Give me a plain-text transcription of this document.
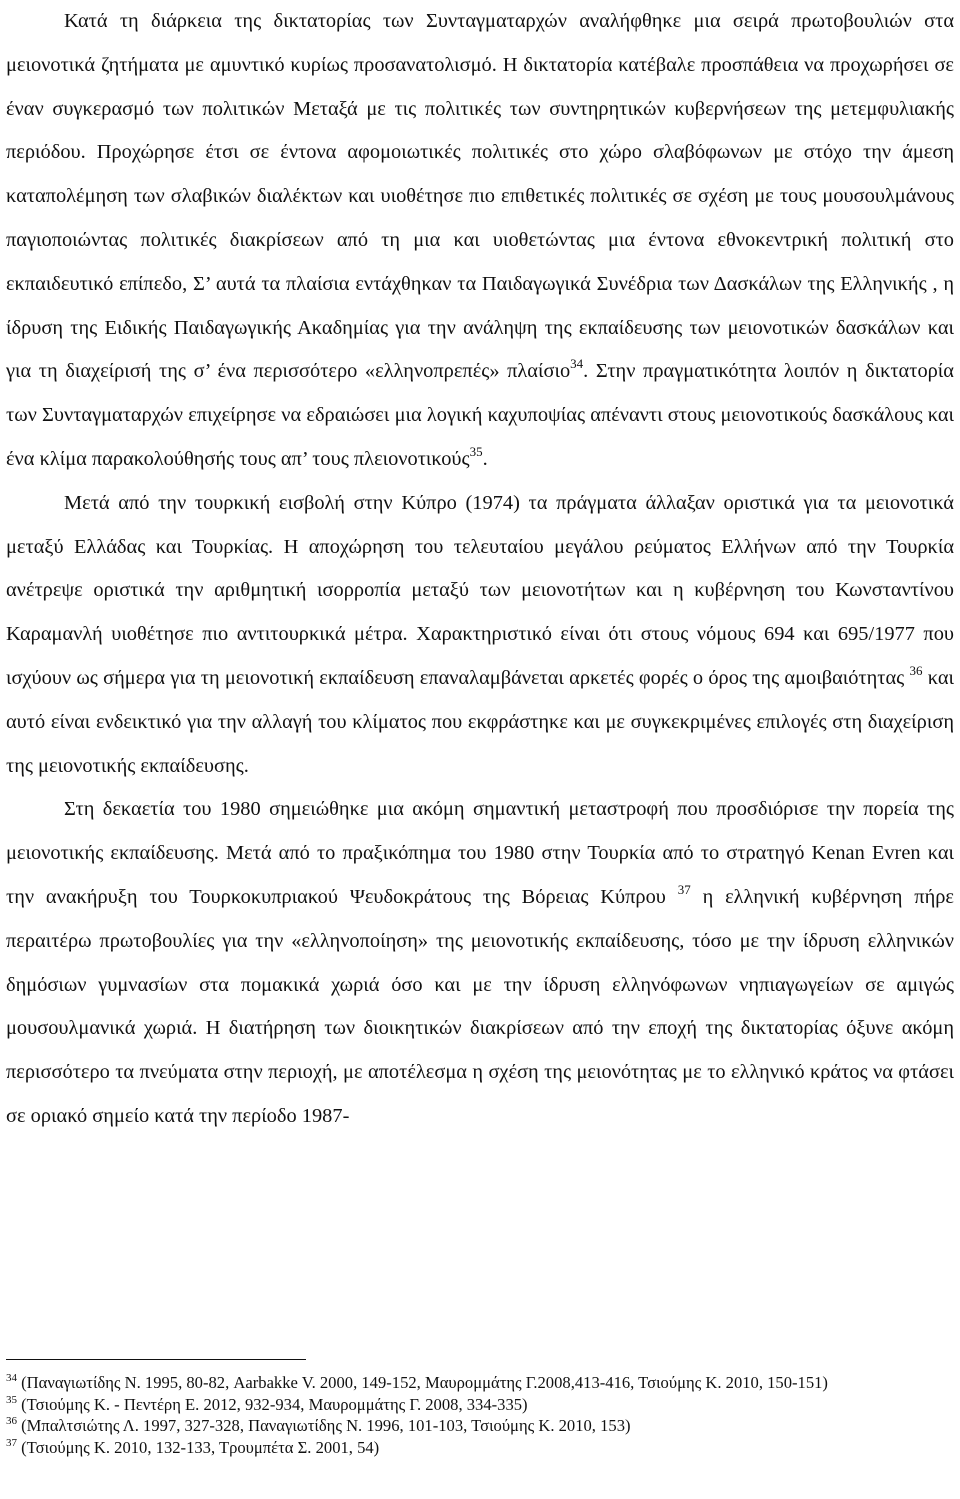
Κατά τη διάρκεια της δικτατορίας των Συνταγματαρχών αναλήφθηκε μια σειρά πρωτοβουλιών στα μειονοτικά ζητήματα με αμυντικό κυρίως προσανατολισμό. Η δικτατορία κατέβαλε προσπάθεια να προχωρήσει σε έναν συγκερασμό των πολιτικών Μεταξά με τις πολιτικές των συντηρητικών κυβερνήσεων της μετεμφυλιακής περιόδου. Προχώρησε έτσι σε έντονα αφομοιωτικές πολιτικές στο χώρο σλαβόφωνων με στόχο την άμεση καταπολέμηση των σλαβικών διαλέκτων και υιοθέτησε πιο επιθετικές πολιτικές σε σχέση με τους μουσουλμάνους παγιοποιώντας πολιτικές διακρίσεων από τη μια και υιοθετώντας μια έντονα εθνοκεντρική πολιτική στο εκπαιδευτικό επίπεδο, Σ’ αυτά τα πλαίσια εντάχθηκαν τα Παιδαγωγικά Συνέδρια των Δασκάλων της Ελληνικής , η ίδρυση της Ειδικής Παιδαγωγικής Ακαδημίας για την ανάληψη της εκπαίδευσης των μειονοτικών δασκάλων και για τη διαχείρισή της σ’ ένα περισσότερο «ελληνοπρεπές» πλαίσιο$^{34}$. Στην πραγματικότητα λοιπόν η δικτατορία των Συνταγματαρχών επιχείρησε να εδραιώσει μια λογική καχυποψίας απέναντι στους μειονοτικούς δασκάλους και ένα κλίμα παρακολούθησής τους απ’ τους πλειονοτικούς$^{35}$.

Μετά από την τουρκική εισβολή στην Κύπρο (1974) τα πράγματα άλλαξαν οριστικά για τα μειονοτικά μεταξύ Ελλάδας και Τουρκίας. Η αποχώρηση του τελευταίου μεγάλου ρεύματος Ελλήνων από την Τουρκία ανέτρεψε οριστικά την αριθμητική ισορροπία μεταξύ των μειονοτήτων και η κυβέρνηση του Κωνσταντίνου Καραμανλή υιοθέτησε πιο αντιτουρκικά μέτρα. Χαρακτηριστικό είναι ότι στους νόμους 694 και 695/1977 που ισχύουν ως σήμερα για τη μειονοτική εκπαίδευση επαναλαμβάνεται αρκετές φορές ο όρος της αμοιβαιότητας $^{36}$ και αυτό είναι ενδεικτικό για την αλλαγή του κλίματος που εκφράστηκε και με συγκεκριμένες επιλογές στη διαχείριση της μειονοτικής εκπαίδευσης.

Στη δεκαετία του 1980 σημειώθηκε μια ακόμη σημαντική μεταστροφή που προσδιόρισε την πορεία της μειονοτικής εκπαίδευσης. Μετά από το πραξικόπημα του 1980 στην Τουρκία από το στρατηγό Kenan Evren και την ανακήρυξη του Τουρκοκυπριακού Ψευδοκράτους της Βόρειας Κύπρου $^{37}$ η ελληνική κυβέρνηση πήρε περαιτέρω πρωτοβουλίες για την «ελληνοποίηση» της μειονοτικής εκπαίδευσης, τόσο με την ίδρυση ελληνικών δημόσιων γυμνασίων στα πομακικά χωριά όσο και με την ίδρυση ελληνόφωνων νηπιαγωγείων σε αμιγώς μουσουλμανικά χωριά. Η διατήρηση των διοικητικών διακρίσεων από την εποχή της δικτατορίας όξυνε ακόμη περισσότερο τα πνεύματα στην περιοχή, με αποτέλεσμα η σχέση της μειονότητας με το ελληνικό κράτος να φτάσει σε οριακό σημείο κατά την περίοδο 1987-

$^{34}$ (Παναγιωτίδης Ν. 1995, 80-82, Aarbakke V. 2000, 149-152, Μαυρομμάτης Γ.2008,413-416, Τσιούμης Κ. 2010, 150-151)

$^{35}$ (Τσιούμης Κ. - Πεντέρη Ε. 2012, 932-934, Μαυρομμάτης Γ. 2008, 334-335)

$^{36}$ (Μπαλτσιώτης Λ. 1997, 327-328, Παναγιωτίδης Ν. 1996, 101-103, Τσιούμης Κ. 2010, 153)

$^{37}$ (Τσιούμης Κ. 2010, 132-133, Τρουμπέτα Σ. 2001, 54)
